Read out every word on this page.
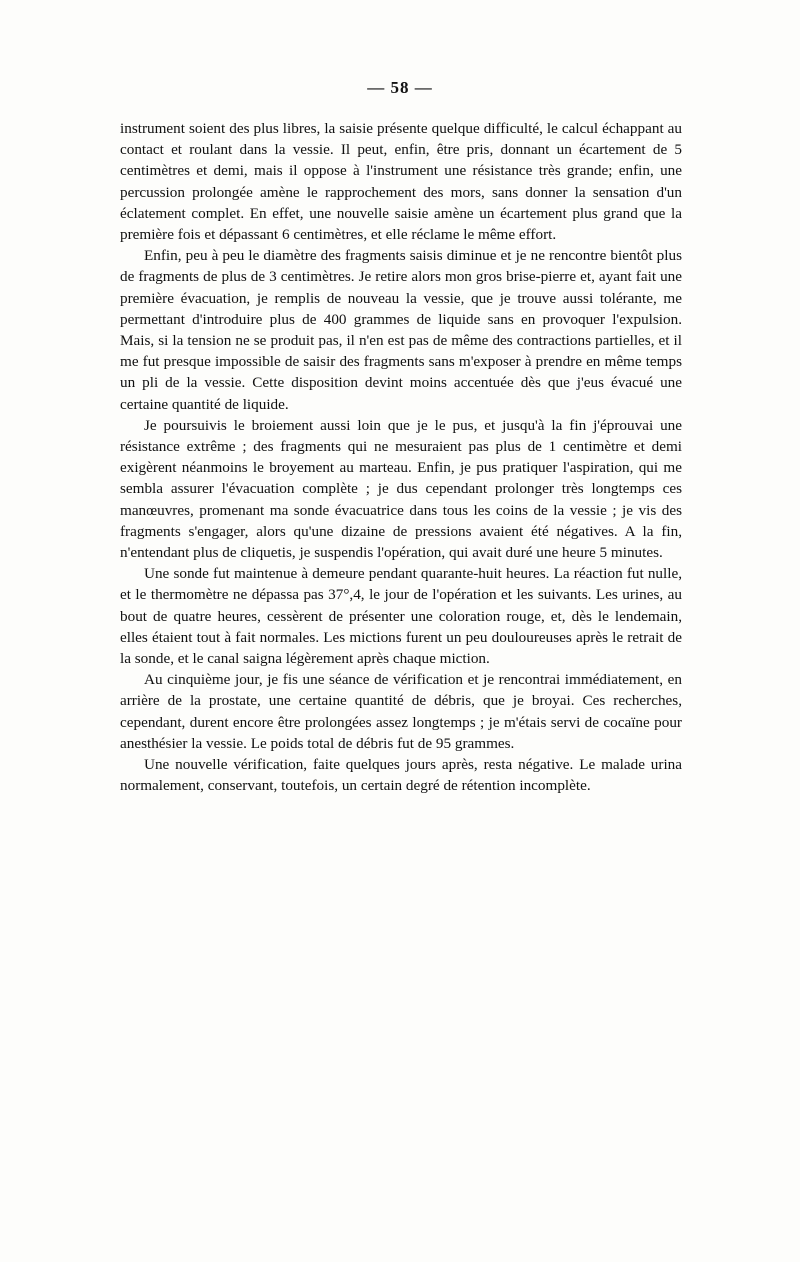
— 58 —

instrument soient des plus libres, la saisie présente quelque difficulté, le calcul échappant au contact et roulant dans la vessie. Il peut, enfin, être pris, donnant un écartement de 5 centimètres et demi, mais il oppose à l'instrument une résistance très grande; enfin, une percussion prolongée amène le rapprochement des mors, sans donner la sensation d'un éclatement complet. En effet, une nouvelle saisie amène un écartement plus grand que la première fois et dépassant 6 centimètres, et elle réclame le même effort.

Enfin, peu à peu le diamètre des fragments saisis diminue et je ne rencontre bientôt plus de fragments de plus de 3 centimètres. Je retire alors mon gros brise-pierre et, ayant fait une première évacuation, je remplis de nouveau la vessie, que je trouve aussi tolérante, me permettant d'introduire plus de 400 grammes de liquide sans en provoquer l'expulsion. Mais, si la tension ne se produit pas, il n'en est pas de même des contractions partielles, et il me fut presque impossible de saisir des fragments sans m'exposer à prendre en même temps un pli de la vessie. Cette disposition devint moins accentuée dès que j'eus évacué une certaine quantité de liquide.

Je poursuivis le broiement aussi loin que je le pus, et jusqu'à la fin j'éprouvai une résistance extrême ; des fragments qui ne mesuraient pas plus de 1 centimètre et demi exigèrent néanmoins le broyement au marteau. Enfin, je pus pratiquer l'aspiration, qui me sembla assurer l'évacuation complète ; je dus cependant prolonger très longtemps ces manœuvres, promenant ma sonde évacuatrice dans tous les coins de la vessie ; je vis des fragments s'engager, alors qu'une dizaine de pressions avaient été négatives. A la fin, n'entendant plus de cliquetis, je suspendis l'opération, qui avait duré une heure 5 minutes.

Une sonde fut maintenue à demeure pendant quarante-huit heures. La réaction fut nulle, et le thermomètre ne dépassa pas 37°,4, le jour de l'opération et les suivants. Les urines, au bout de quatre heures, cessèrent de présenter une coloration rouge, et, dès le lendemain, elles étaient tout à fait normales. Les mictions furent un peu douloureuses après le retrait de la sonde, et le canal saigna légèrement après chaque miction.

Au cinquième jour, je fis une séance de vérification et je rencontrai immédiatement, en arrière de la prostate, une certaine quantité de débris, que je broyai. Ces recherches, cependant, durent encore être prolongées assez longtemps ; je m'étais servi de cocaïne pour anesthésier la vessie. Le poids total de débris fut de 95 grammes.

Une nouvelle vérification, faite quelques jours après, resta négative. Le malade urina normalement, conservant, toutefois, un certain degré de rétention incomplète.
